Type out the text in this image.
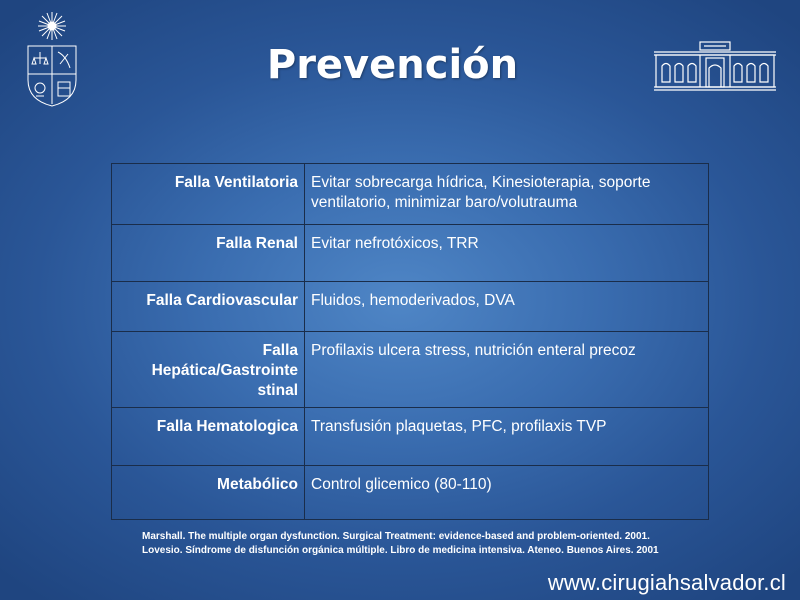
Prevención
Falla Ventilatoria	Evitar sobrecarga hídrica, Kinesioterapia, soporte ventilatorio, minimizar baro/volutrauma
Falla Renal	Evitar nefrotóxicos, TRR
Falla Cardiovascular	Fluidos, hemoderivados, DVA
Falla Hepática/Gastrointe stinal	Profilaxis ulcera stress, nutrición enteral precoz
Falla Hematologica	Transfusión plaquetas, PFC, profilaxis TVP
Metabólico	Control glicemico (80-110)
Marshall. The multiple organ dysfunction. Surgical Treatment: evidence-based and problem-oriented. 2001.
Lovesio. Síndrome de disfunción orgánica múltiple. Libro de medicina intensiva. Ateneo. Buenos Aires. 2001
www.cirugiahsalvador.cl
